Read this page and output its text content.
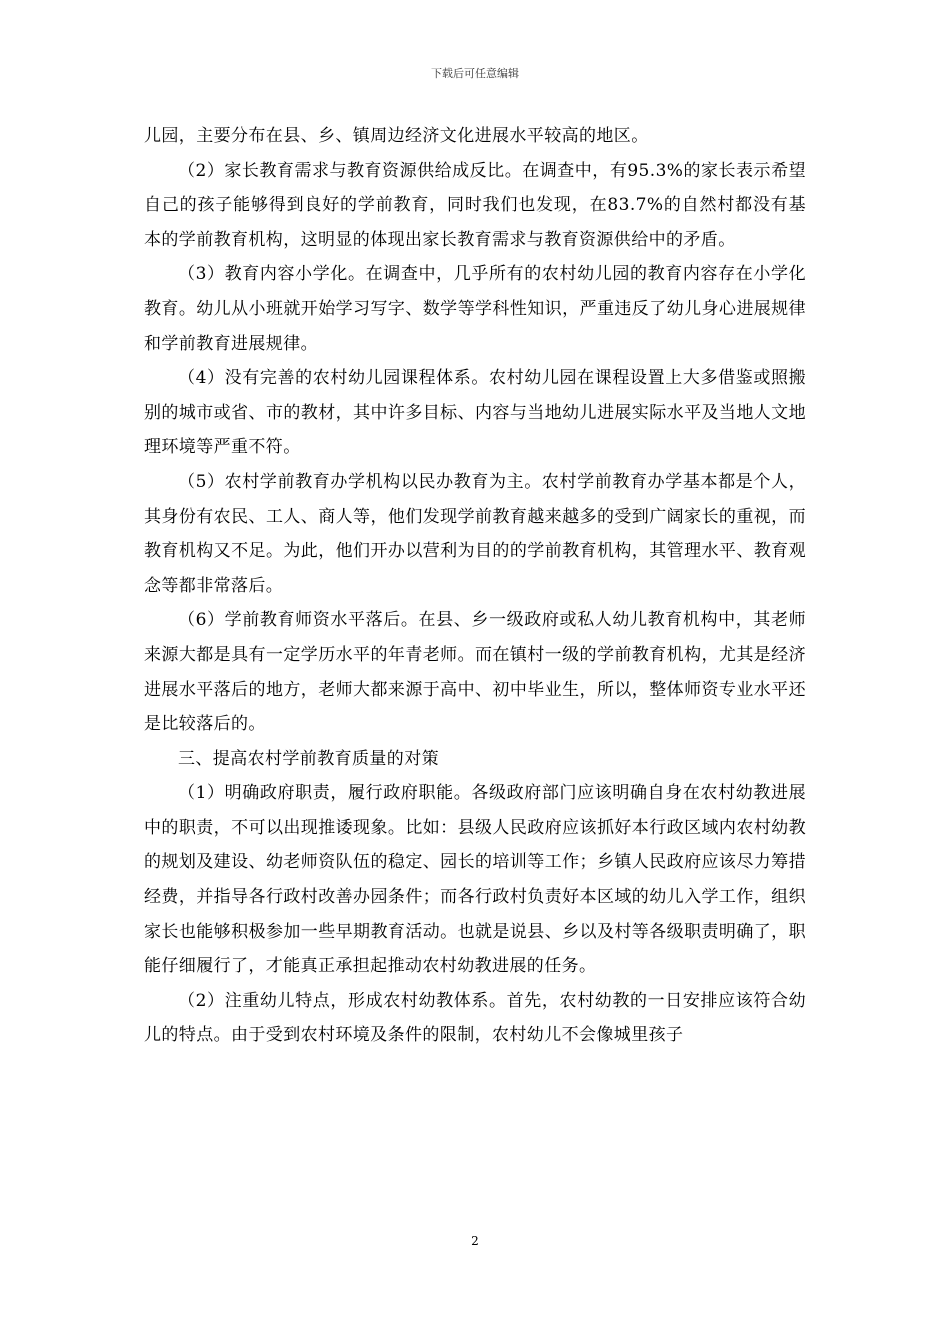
下载后可任意编辑

儿园，主要分布在县、乡、镇周边经济文化进展水平较高的地区。

（2）家长教育需求与教育资源供给成反比。在调查中，有95.3%的家长表示希望自己的孩子能够得到良好的学前教育，同时我们也发现，在83.7%的自然村都没有基本的学前教育机构，这明显的体现出家长教育需求与教育资源供给中的矛盾。

（3）教育内容小学化。在调查中，几乎所有的农村幼儿园的教育内容存在小学化教育。幼儿从小班就开始学习写字、数学等学科性知识，严重违反了幼儿身心进展规律和学前教育进展规律。

（4）没有完善的农村幼儿园课程体系。农村幼儿园在课程设置上大多借鉴或照搬别的城市或省、市的教材，其中许多目标、内容与当地幼儿进展实际水平及当地人文地理环境等严重不符。

（5）农村学前教育办学机构以民办教育为主。农村学前教育办学基本都是个人，其身份有农民、工人、商人等，他们发现学前教育越来越多的受到广阔家长的重视，而教育机构又不足。为此，他们开办以营利为目的的学前教育机构，其管理水平、教育观念等都非常落后。

（6）学前教育师资水平落后。在县、乡一级政府或私人幼儿教育机构中，其老师来源大都是具有一定学历水平的年青老师。而在镇村一级的学前教育机构，尤其是经济进展水平落后的地方，老师大都来源于高中、初中毕业生，所以，整体师资专业水平还是比较落后的。

三、提高农村学前教育质量的对策

（1）明确政府职责，履行政府职能。各级政府部门应该明确自身在农村幼教进展中的职责，不可以出现推诿现象。比如：县级人民政府应该抓好本行政区域内农村幼教的规划及建设、幼老师资队伍的稳定、园长的培训等工作；乡镇人民政府应该尽力筹措经费，并指导各行政村改善办园条件；而各行政村负责好本区域的幼儿入学工作，组织家长也能够积极参加一些早期教育活动。也就是说县、乡以及村等各级职责明确了，职能仔细履行了，才能真正承担起推动农村幼教进展的任务。

（2）注重幼儿特点，形成农村幼教体系。首先，农村幼教的一日安排应该符合幼儿的特点。由于受到农村环境及条件的限制，农村幼儿不会像城里孩子

2
